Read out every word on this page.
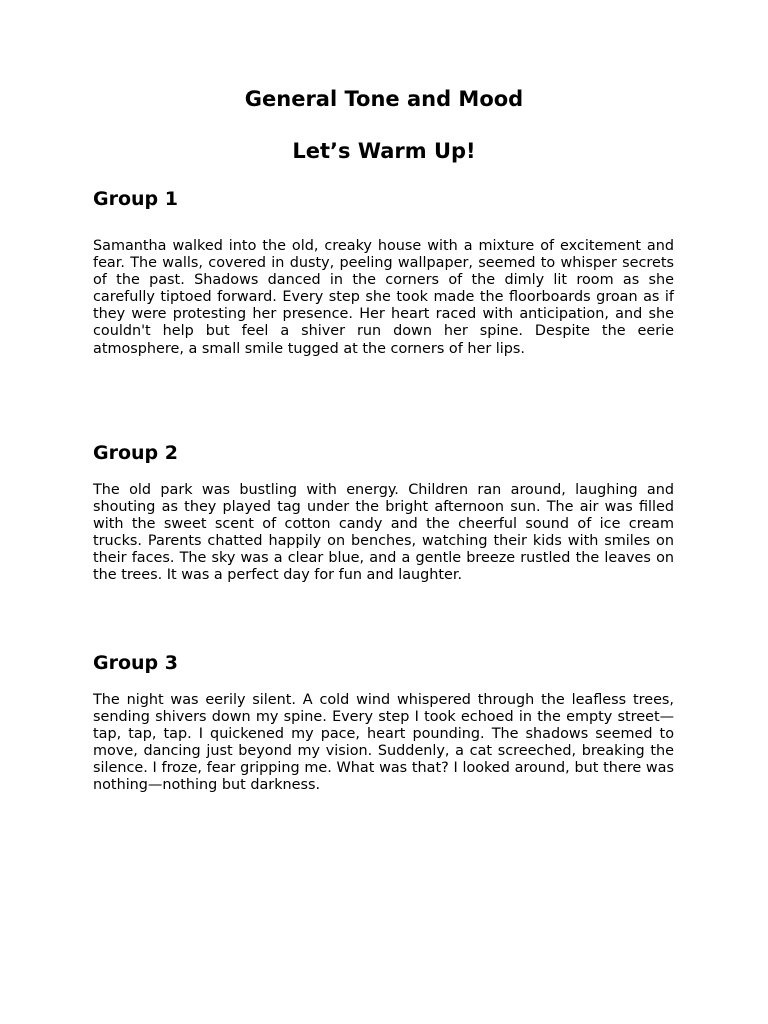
General Tone and Mood
Let’s Warm Up!
Group 1

Samantha walked into the old, creaky house with a mixture of excitement and fear. The walls, covered in dusty, peeling wallpaper, seemed to whisper secrets of the past. Shadows danced in the corners of the dimly lit room as she carefully tiptoed forward. Every step she took made the floorboards groan as if they were protesting her presence. Her heart raced with anticipation, and she couldn't help but feel a shiver run down her spine. Despite the eerie atmosphere, a small smile tugged at the corners of her lips.

Group 2

The old park was bustling with energy. Children ran around, laughing and shouting as they played tag under the bright afternoon sun. The air was filled with the sweet scent of cotton candy and the cheerful sound of ice cream trucks. Parents chatted happily on benches, watching their kids with smiles on their faces. The sky was a clear blue, and a gentle breeze rustled the leaves on the trees. It was a perfect day for fun and laughter.

Group 3

The night was eerily silent. A cold wind whispered through the leafless trees, sending shivers down my spine. Every step I took echoed in the empty street—tap, tap, tap. I quickened my pace, heart pounding. The shadows seemed to move, dancing just beyond my vision. Suddenly, a cat screeched, breaking the silence. I froze, fear gripping me. What was that? I looked around, but there was nothing—nothing but darkness.
